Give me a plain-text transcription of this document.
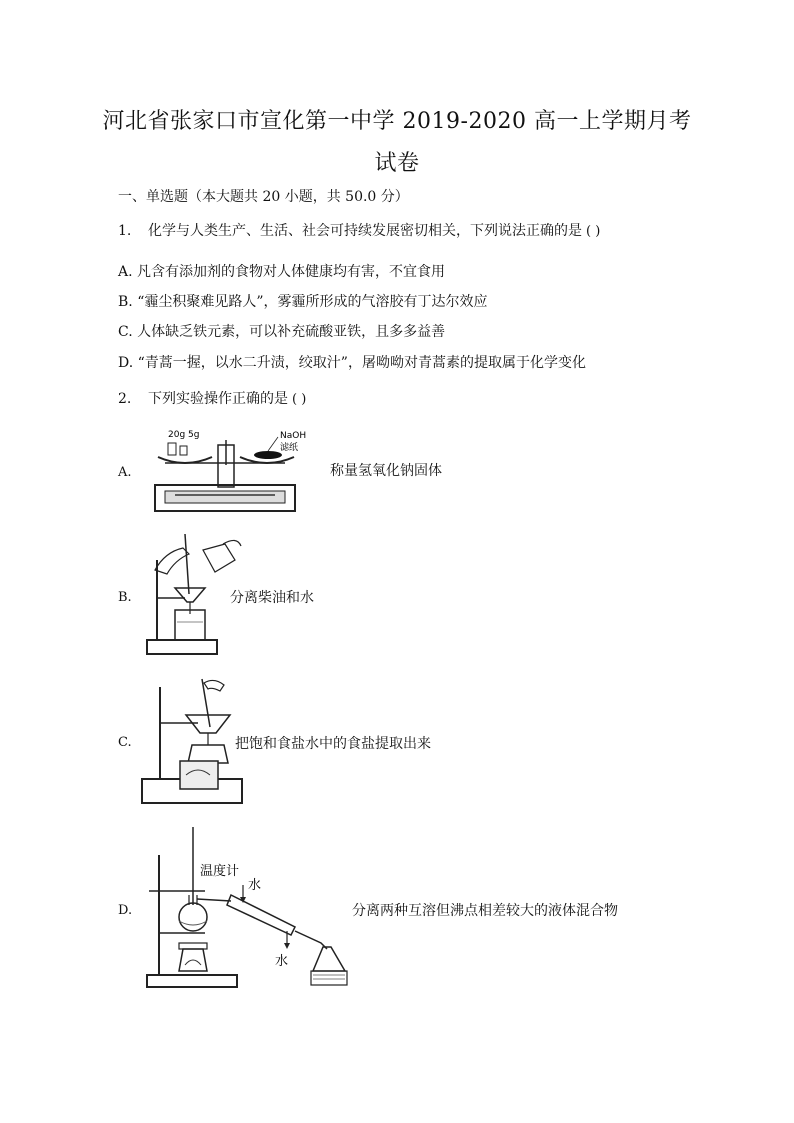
河北省张家口市宣化第一中学 2019-2020 高一上学期月考
试卷
一、单选题（本大题共 20 小题，共 50.0 分）
1. 化学与人类生产、生活、社会可持续发展密切相关，下列说法正确的是 ( )
A. 凡含有添加剂的食物对人体健康均有害，不宜食用
B. “霾尘积聚难见路人”，雾霾所形成的气溶胶有丁达尔效应
C. 人体缺乏铁元素，可以补充硫酸亚铁，且多多益善
D. “青蒿一握，以水二升渍，绞取汁”，屠呦呦对青蒿素的提取属于化学变化
2. 下列实验操作正确的是 ( )
A.
20g 5g	NaOH
滤纸
称量氢氧化钠固体
B.	分离柴油和水
C.	把饱和食盐水中的食盐提取出来
D.
温度计
水
水
分离两种互溶但沸点相差较大的液体混合物
